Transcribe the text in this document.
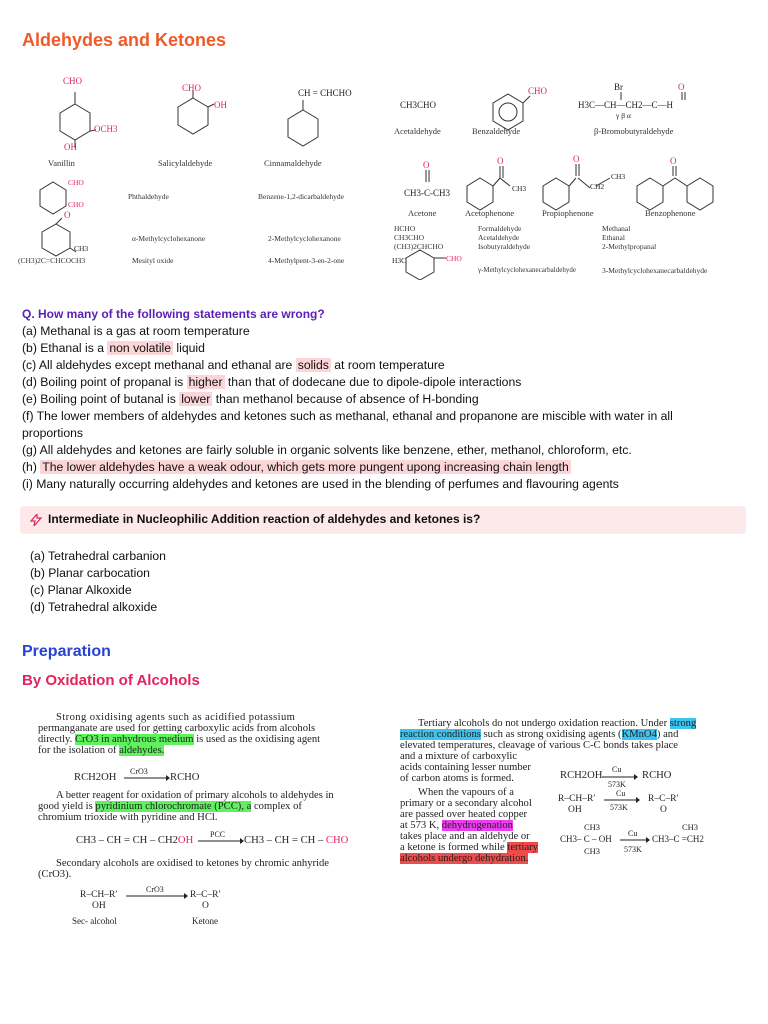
Aldehydes and Ketones
CHO
OCH3
OH
CHO
OH
CH = CHCHO
CH3CHO
CHO	Br	O
H3C—CH—CH2—C—H
γ β α
CHO
CHO
O
CH3-C-CH3
O
CH3
O
CH2
CH3
O
O
CH3
H3C	CHO
Vanillin	Salicylaldehyde	Cinnamaldehyde
Acetaldehyde	Benzaldehyde	β-Bromobutyraldehyde
Phthaldehyde	Benzene-1,2-dicarbaldehyde
Acetone	Acetophenone	Propiophenone	Benzophenone
α-Methylcyclohexanone	2-Methylcyclohexanone
(CH3)2C=CHCOCH3	Mesityl oxide	4-Methylpent-3-en-2-one
HCHO
CH3CHO
(CH3)2CHCHO
Formaldehyde
Acetaldehyde
Isobutyraldehyde
Methanal
Ethanal
2-Methylpropanal
γ-Methylcyclohexanecarbaldehyde	3-Methylcyclohexanecarbaldehyde
Q. How many of the following statements are wrong?
(a) Methanal is a gas at room temperature
(b) Ethanal is a non volatile liquid
(c) All aldehydes except methanal and ethanal are solids at room temperature
(d) Boiling point of propanal is higher than that of dodecane due to dipole-dipole interactions
(e) Boiling point of butanal is lower than methanol because of absence of H-bonding
(f) The lower members of aldehydes and ketones such as methanal, ethanal and propanone are miscible with water in all
proportions
(g) All aldehydes and ketones are fairly soluble in organic solvents like benzene, ether, methanol, chloroform, etc.
(h) The lower aldehydes have a weak odour, which gets more pungent upong increasing chain length
(i) Many naturally occurring aldehydes and ketones are used in the blending of perfumes and flavouring agents
Intermediate in Nucleophilic Addition reaction of aldehydes and ketones is?
(a) Tetrahedral carbanion
(b) Planar carbocation
(c) Planar Alkoxide
(d) Tetrahedral alkoxide
Preparation
By Oxidation of Alcohols
Strong oxidising agents such as acidified potassium
permanganate are used for getting carboxylic acids from alcohols
directly. CrO3 in anhydrous medium is used as the oxidising agent
for the isolation of aldehydes.
RCH2OH
CrO3
RCHO
A better reagent for oxidation of primary alcohols to aldehydes in
good yield is pyridinium chlorochromate (PCC), a complex of
chromium trioxide with pyridine and HCl.
CH3 – CH = CH – CH2OH
PCC
CH3 – CH = CH – CHO
Secondary alcohols are oxidised to ketones by chromic anhyride
(CrO3).
R–CH–R′
OH
CrO3
R–C–R′
O
Sec- alcohol	Ketone
Tertiary alcohols do not undergo oxidation reaction. Under strong
reaction conditions such as strong oxidising agents (KMnO4) and
elevated temperatures, cleavage of various C-C bonds takes place
and a mixture of carboxylic
acids containing lesser number
of carbon atoms is formed.
When the vapours of a
primary or a secondary alcohol
are passed over heated copper
at 573 K, dehydrogenation
takes place and an aldehyde or
a ketone is formed while tertiary
alcohols undergo dehydration.
RCH2OH
Cu
573K
RCHO
R–CH–R′
OH
Cu
573K
R–C–R′
O
CH3	CH3
CH3– C – OH
CH3
Cu
573K
CH3–C =CH2
